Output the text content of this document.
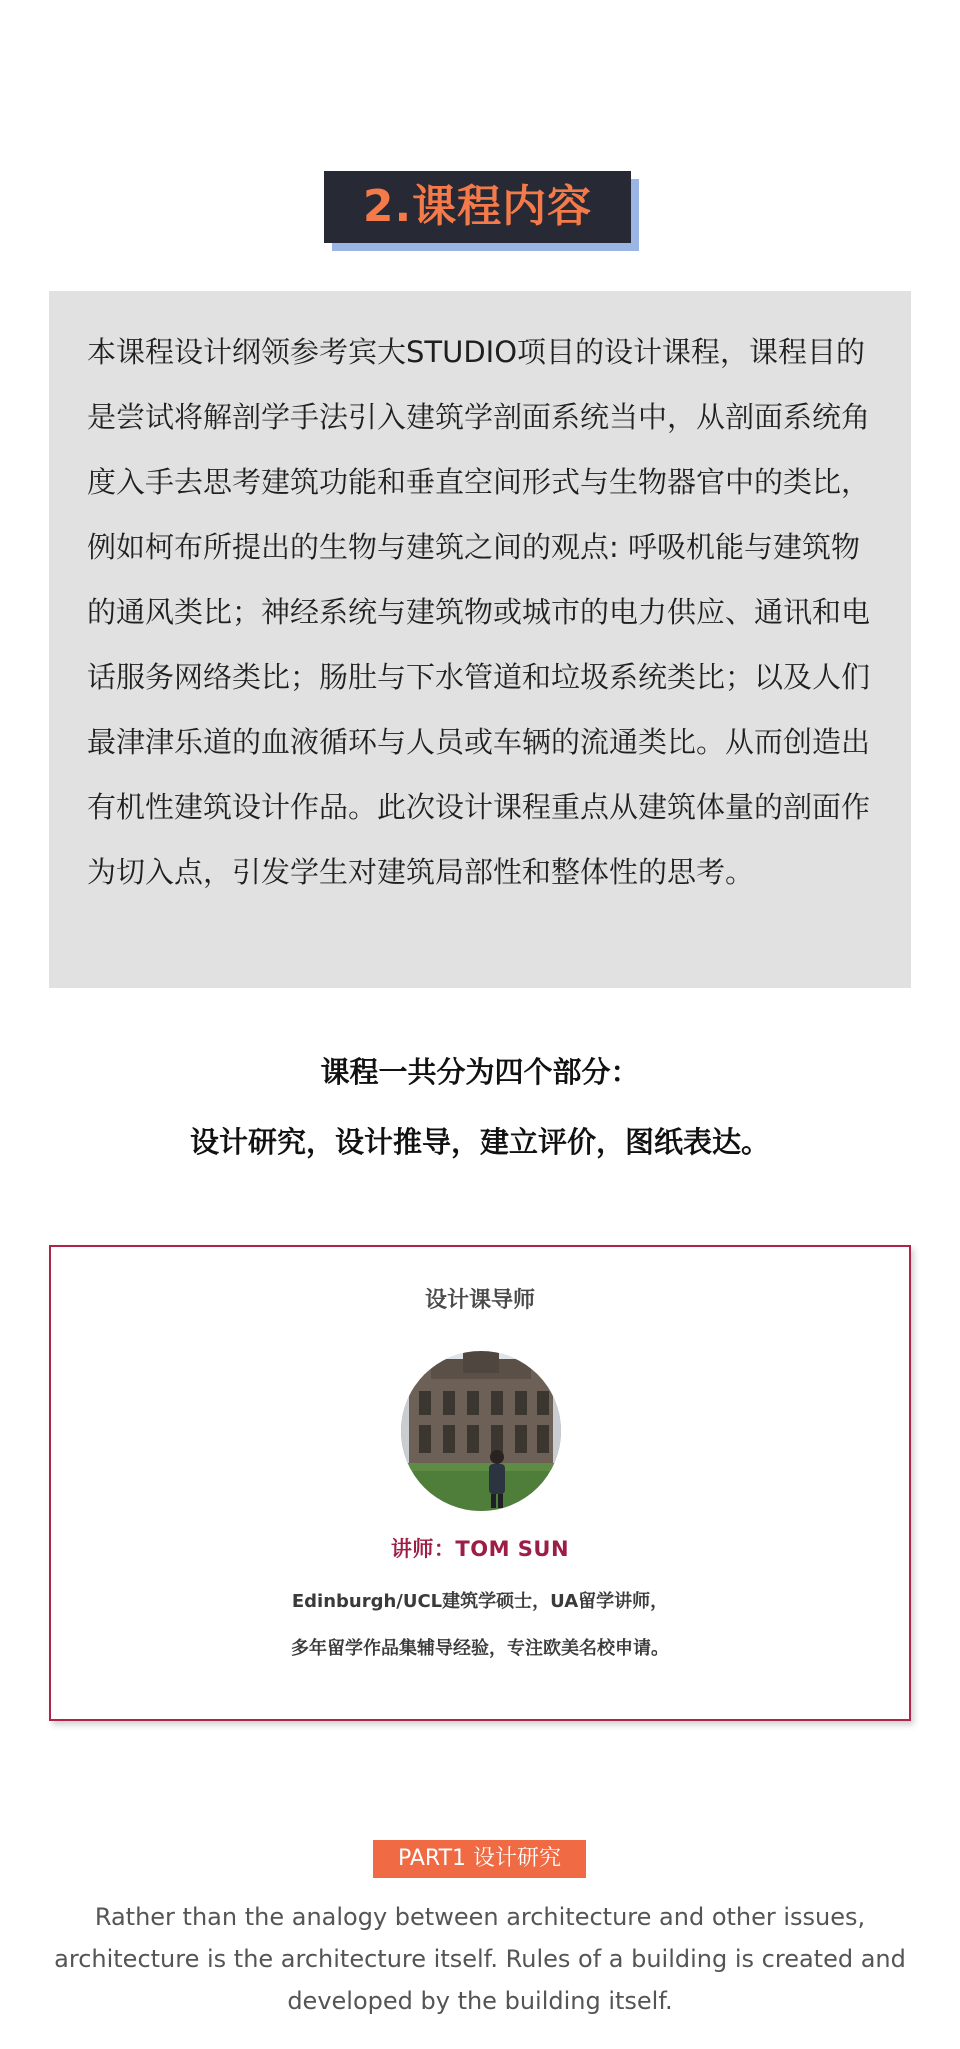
2.课程内容

本课程设计纲领参考宾大STUDIO项目的设计课程，课程目的是尝试将解剖学手法引入建筑学剖面系统当中，从剖面系统角度入手去思考建筑功能和垂直空间形式与生物器官中的类比，例如柯布所提出的生物与建筑之间的观点: 呼吸机能与建筑物的通风类比；神经系统与建筑物或城市的电力供应、通讯和电话服务网络类比；肠肚与下水管道和垃圾系统类比；以及人们最津津乐道的血液循环与人员或车辆的流通类比。从而创造出有机性建筑设计作品。此次设计课程重点从建筑体量的剖面作为切入点，引发学生对建筑局部性和整体性的思考。

课程一共分为四个部分：
设计研究，设计推导，建立评价，图纸表达。
设计课导师
讲师：TOM SUN
Edinburgh/UCL建筑学硕士，UA留学讲师，
多年留学作品集辅导经验，专注欧美名校申请。
PART1 设计研究

Rather than the analogy between architecture and other issues, architecture is the architecture itself. Rules of a building is created and developed by the building itself.
